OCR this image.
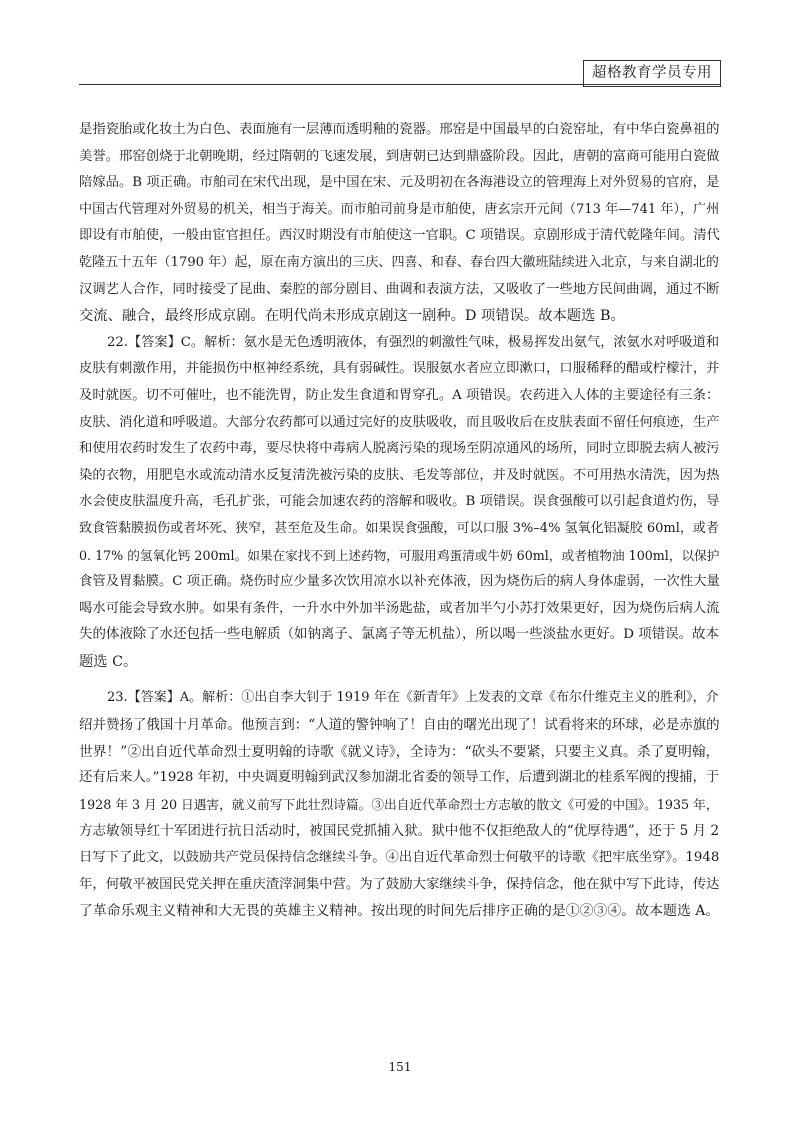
超格教育学员专用

是指瓷胎或化妆土为白色、表面施有一层薄而透明釉的瓷器。邢窑是中国最早的白瓷窑址，有中华白瓷鼻祖的

美誉。邢窑创烧于北朝晚期，经过隋朝的飞速发展，到唐朝已达到鼎盛阶段。因此，唐朝的富商可能用白瓷做

陪嫁品。B 项正确。市舶司在宋代出现，是中国在宋、元及明初在各海港设立的管理海上对外贸易的官府，是

中国古代管理对外贸易的机关，相当于海关。而市舶司前身是市舶使，唐玄宗开元间（713 年—741 年），广州

即设有市舶使，一般由宦官担任。西汉时期没有市舶使这一官职。C 项错误。京剧形成于清代乾隆年间。清代

乾隆五十五年（1790 年）起，原在南方演出的三庆、四喜、和春、春台四大徽班陆续进入北京，与来自湖北的

汉调艺人合作，同时接受了昆曲、秦腔的部分剧目、曲调和表演方法，又吸收了一些地方民间曲调，通过不断

交流、融合，最终形成京剧。在明代尚未形成京剧这一剧种。D 项错误。故本题选 B。

22.【答案】C。解析：氨水是无色透明液体，有强烈的刺激性气味，极易挥发出氨气，浓氨水对呼吸道和

皮肤有刺激作用，并能损伤中枢神经系统，具有弱碱性。误服氨水者应立即漱口，口服稀释的醋或柠檬汁，并

及时就医。切不可催吐，也不能洗胃，防止发生食道和胃穿孔。A 项错误。农药进入人体的主要途径有三条：

皮肤、消化道和呼吸道。大部分农药都可以通过完好的皮肤吸收，而且吸收后在皮肤表面不留任何痕迹，生产

和使用农药时发生了农药中毒，要尽快将中毒病人脱离污染的现场至阴凉通风的场所，同时立即脱去病人被污

染的衣物，用肥皂水或流动清水反复清洗被污染的皮肤、毛发等部位，并及时就医。不可用热水清洗，因为热

水会使皮肤温度升高，毛孔扩张，可能会加速农药的溶解和吸收。B 项错误。误食强酸可以引起食道灼伤，导

致食管黏膜损伤或者坏死、狭窄，甚至危及生命。如果误食强酸，可以口服 3%–4% 氢氧化铝凝胶 60ml，或者

0. 17% 的氢氧化钙 200ml。如果在家找不到上述药物，可服用鸡蛋清或牛奶 60ml，或者植物油 100ml，以保护

食管及胃黏膜。C 项正确。烧伤时应少量多次饮用凉水以补充体液，因为烧伤后的病人身体虚弱，一次性大量

喝水可能会导致水肿。如果有条件，一升水中外加半汤匙盐，或者加半勺小苏打效果更好，因为烧伤后病人流

失的体液除了水还包括一些电解质（如钠离子、氯离子等无机盐），所以喝一些淡盐水更好。D 项错误。故本

题选 C。

23.【答案】A。解析：①出自李大钊于 1919 年在《新青年》上发表的文章《布尔什维克主义的胜利》，介

绍并赞扬了俄国十月革命。他预言到：“人道的警钟响了！自由的曙光出现了！试看将来的环球，必是赤旗的

世界！”②出自近代革命烈士夏明翰的诗歌《就义诗》，全诗为：“砍头不要紧，只要主义真。杀了夏明翰，

还有后来人。”1928 年初，中央调夏明翰到武汉参加湖北省委的领导工作，后遭到湖北的桂系军阀的搜捕，于

1928 年 3 月 20 日遇害，就义前写下此壮烈诗篇。③出自近代革命烈士方志敏的散文《可爱的中国》。1935 年，

方志敏领导红十军团进行抗日活动时，被国民党抓捕入狱。狱中他不仅拒绝敌人的“优厚待遇”，还于 5 月 2

日写下了此文，以鼓励共产党员保持信念继续斗争。④出自近代革命烈士何敬平的诗歌《把牢底坐穿》。1948

年，何敬平被国民党关押在重庆渣滓洞集中营。为了鼓励大家继续斗争，保持信念，他在狱中写下此诗，传达

了革命乐观主义精神和大无畏的英雄主义精神。按出现的时间先后排序正确的是①②③④。故本题选 A。

151
